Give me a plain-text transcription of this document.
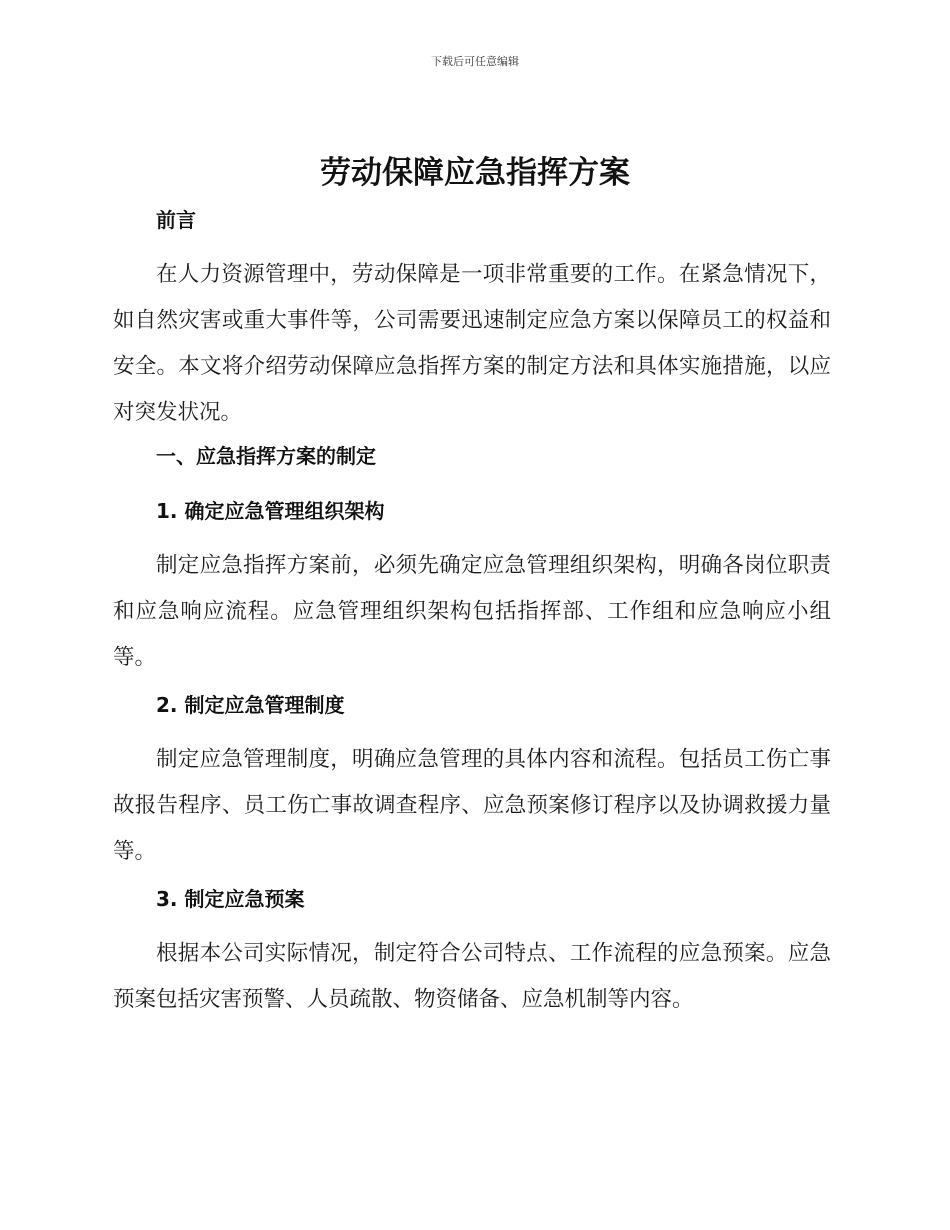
下载后可任意编辑
劳动保障应急指挥方案
前言

在人力资源管理中，劳动保障是一项非常重要的工作。在紧急情况下，如自然灾害或重大事件等，公司需要迅速制定应急方案以保障员工的权益和安全。本文将介绍劳动保障应急指挥方案的制定方法和具体实施措施，以应对突发状况。

一、应急指挥方案的制定
1. 确定应急管理组织架构

制定应急指挥方案前，必须先确定应急管理组织架构，明确各岗位职责和应急响应流程。应急管理组织架构包括指挥部、工作组和应急响应小组等。

2. 制定应急管理制度

制定应急管理制度，明确应急管理的具体内容和流程。包括员工伤亡事故报告程序、员工伤亡事故调查程序、应急预案修订程序以及协调救援力量等。

3. 制定应急预案

根据本公司实际情况，制定符合公司特点、工作流程的应急预案。应急预案包括灾害预警、人员疏散、物资储备、应急机制等内容。
